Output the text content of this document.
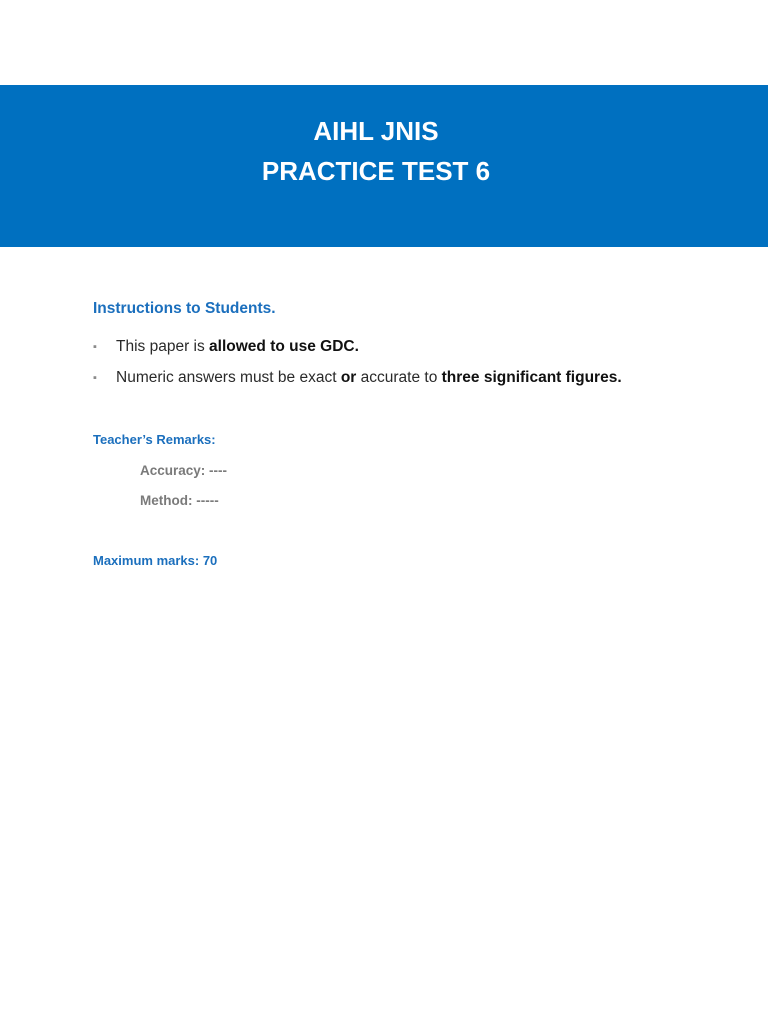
AIHL JNIS
PRACTICE TEST 6
Instructions to Students.
▪ This paper is allowed to use GDC.
▪ Numeric answers must be exact or accurate to three significant figures.
Teacher’s Remarks:
Accuracy: ----
Method: -----
Maximum marks: 70
